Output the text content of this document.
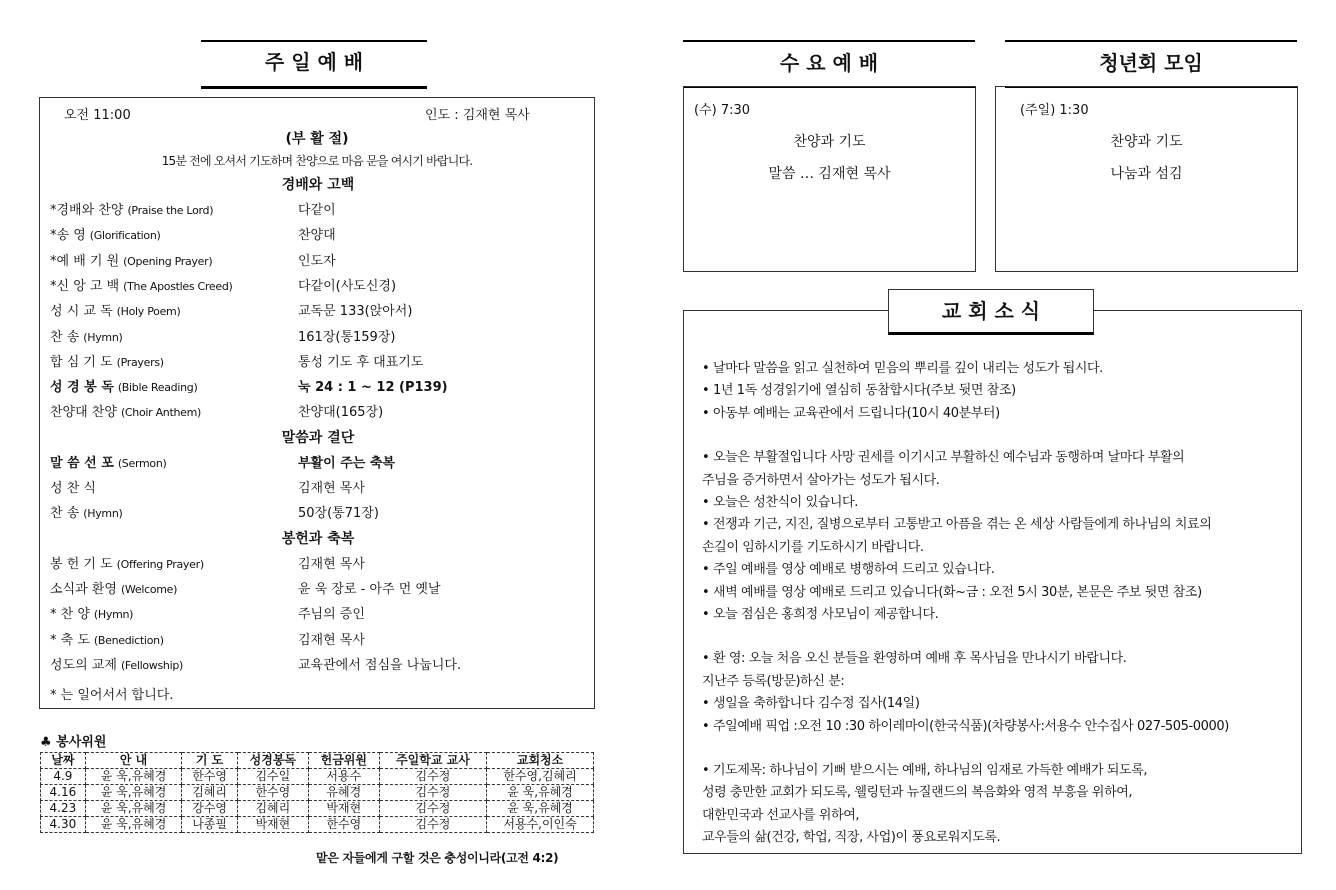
주 일 예 배
오전 11:00	인도 : 김재현 목사
(부 활 절)
15분 전에 오셔서 기도하며 찬양으로 마음 문을 여시기 바랍니다.
경배와 고백
*경배와 찬양 (Praise the Lord)	다같이
*송 영 (Glorification)	찬양대
*예 배 기 원 (Opening Prayer)	인도자
*신 앙 고 백 (The Apostles Creed)	다같이(사도신경)
성 시 교 독 (Holy Poem)	교독문 133(앉아서)
찬 송 (Hymn)	161장(통159장)
합 심 기 도 (Prayers)	통성 기도 후 대표기도
성 경 봉 독 (Bible Reading)	눅 24 : 1 ~ 12 (P139)
찬양대 찬양 (Choir Anthem)	찬양대(165장)
말씀과 결단
말 씀 선 포 (Sermon)	부활이 주는 축복
성 찬 식	김재현 목사
찬 송 (Hymn)	50장(통71장)
봉헌과 축복
봉 헌 기 도 (Offering Prayer)	김재현 목사
소식과 환영 (Welcome)	윤 욱 장로 - 아주 먼 옛날
* 찬 양 (Hymn)	주님의 증인
* 축 도 (Benediction)	김재현 목사
성도의 교제 (Fellowship)	교육관에서 점심을 나눕니다.
* 는 일어서서 합니다.
♣ 봉사위원
날짜	안 내	기 도	성경봉독	헌금위원	주일학교 교사	교회청소
4.9	윤 욱,유혜경	한수영	김수일	서용수	김수정	한수영,김혜리
4.16	윤 욱,유혜경	김혜리	한수영	유혜경	김수정	윤 욱,유혜경
4.23	윤 욱,유혜경	강수영	김혜리	박재현	김수정	윤 욱,유혜경
4.30	윤 욱,유혜경	나종필	박재현	한수영	김수정	서용수,이인숙
맡은 자들에게 구할 것은 충성이니라(고전 4:2)
수 요 예 배
(수) 7:30
찬양과 기도
말씀 … 김재현 목사
청년회 모임
(주일) 1:30
찬양과 기도
나눔과 섬김
• 날마다 말씀을 읽고 실천하여 믿음의 뿌리를 깊이 내리는 성도가 됩시다.
• 1년 1독 성경읽기에 열심히 동참합시다(주보 뒷면 참조)
• 아동부 예배는 교육관에서 드립니다(10시 40분부터)
• 오늘은 부활절입니다 사망 권세를 이기시고 부활하신 예수님과 동행하며 날마다 부활의
주님을 증거하면서 살아가는 성도가 됩시다.
• 오늘은 성찬식이 있습니다.
• 전쟁과 기근, 지진, 질병으로부터 고통받고 아픔을 겪는 온 세상 사람들에게 하나님의 치료의
손길이 임하시기를 기도하시기 바랍니다.
• 주일 예배를 영상 예배로 병행하여 드리고 있습니다.
• 새벽 예배를 영상 예배로 드리고 있습니다(화~금 : 오전 5시 30분, 본문은 주보 뒷면 참조)
• 오늘 점심은 홍희정 사모님이 제공합니다.
• 환 영: 오늘 처음 오신 분들을 환영하며 예배 후 목사님을 만나시기 바랍니다.
지난주 등록(방문)하신 분:
• 생일을 축하합니다 김수정 집사(14일)
• 주일예배 픽업 :오전 10 :30 하이레마이(한국식품)(차량봉사:서용수 안수집사 027-505-0000)
• 기도제목: 하나님이 기뻐 받으시는 예배, 하나님의 임재로 가득한 예배가 되도록,
성령 충만한 교회가 되도록, 웰링턴과 뉴질랜드의 복음화와 영적 부흥을 위하여,
대한민국과 선교사를 위하여,
교우들의 삶(건강, 학업, 직장, 사업)이 풍요로워지도록.
교 회 소 식
